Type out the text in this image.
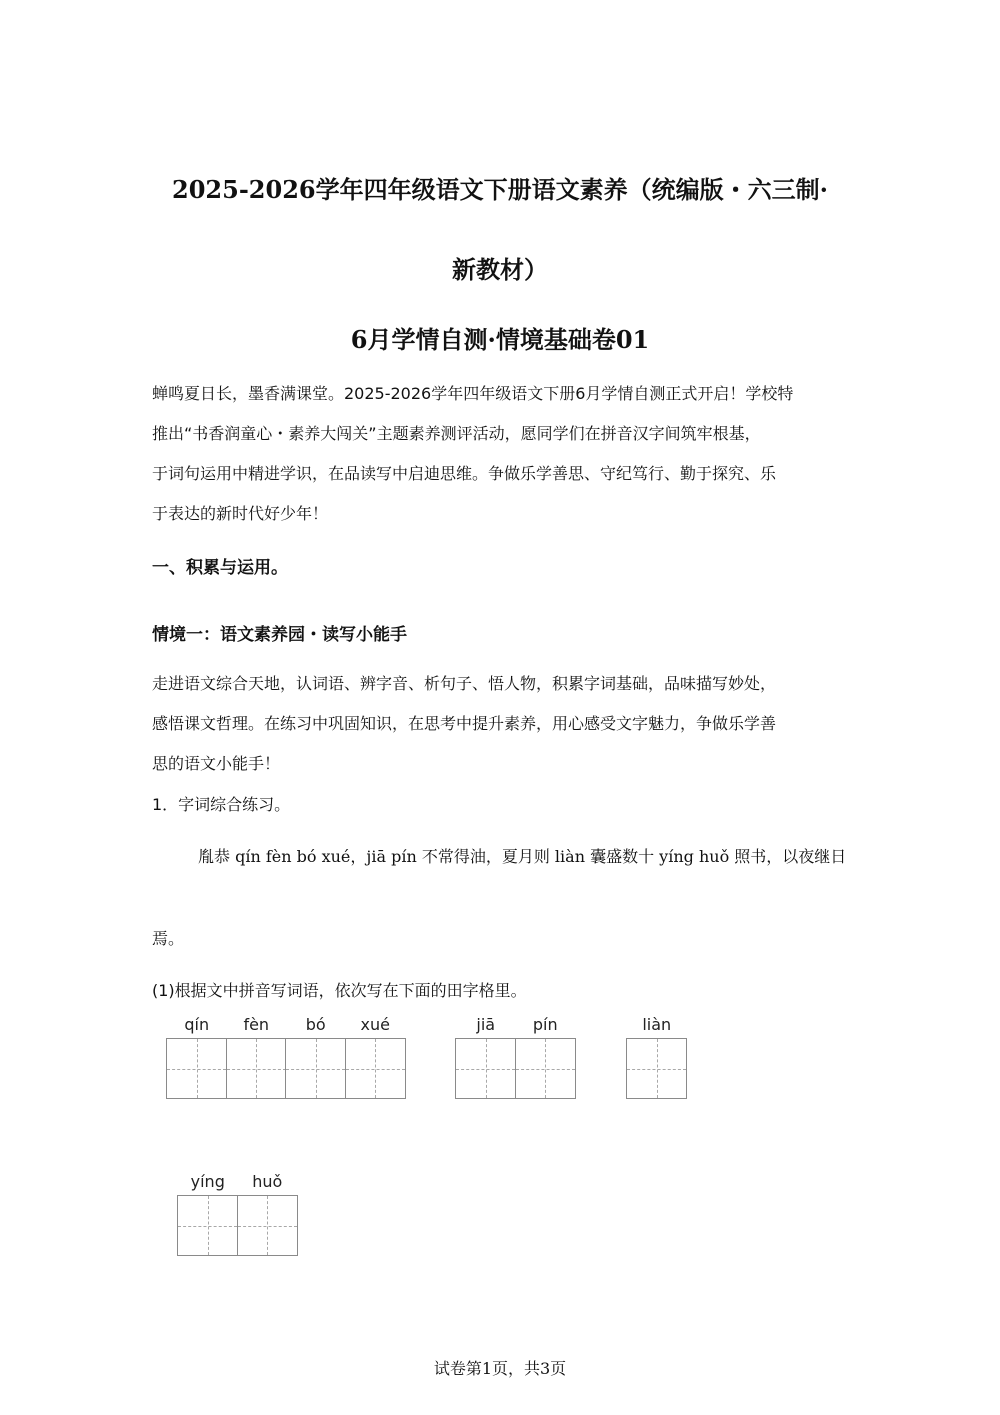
2025-2026学年四年级语文下册语文素养（统编版・六三制·
新教材）
6月学情自测·情境基础卷01
蝉鸣夏日长，墨香满课堂。2025-2026学年四年级语文下册6月学情自测正式开启！学校特
推出“书香润童心・素养大闯关”主题素养测评活动，愿同学们在拼音汉字间筑牢根基，
于词句运用中精进学识，在品读写中启迪思维。争做乐学善思、守纪笃行、勤于探究、乐
于表达的新时代好少年！
一、积累与运用。
情境一：语文素养园・读写小能手
走进语文综合天地，认词语、辨字音、析句子、悟人物，积累字词基础，品味描写妙处，
感悟课文哲理。在练习中巩固知识，在思考中提升素养，用心感受文字魅力，争做乐学善
思的语文小能手！
1．字词综合练习。
胤恭 qín fèn bó xué，jiā pín 不常得油，夏月则 liàn 囊盛数十 yíng huǒ 照书，以夜继日
焉。
(1)根据文中拼音写词语，依次写在下面的田字格里。
qín	fèn	bó	xué	jiā	pín	liàn
yíng	huǒ
试卷第1页，共3页
